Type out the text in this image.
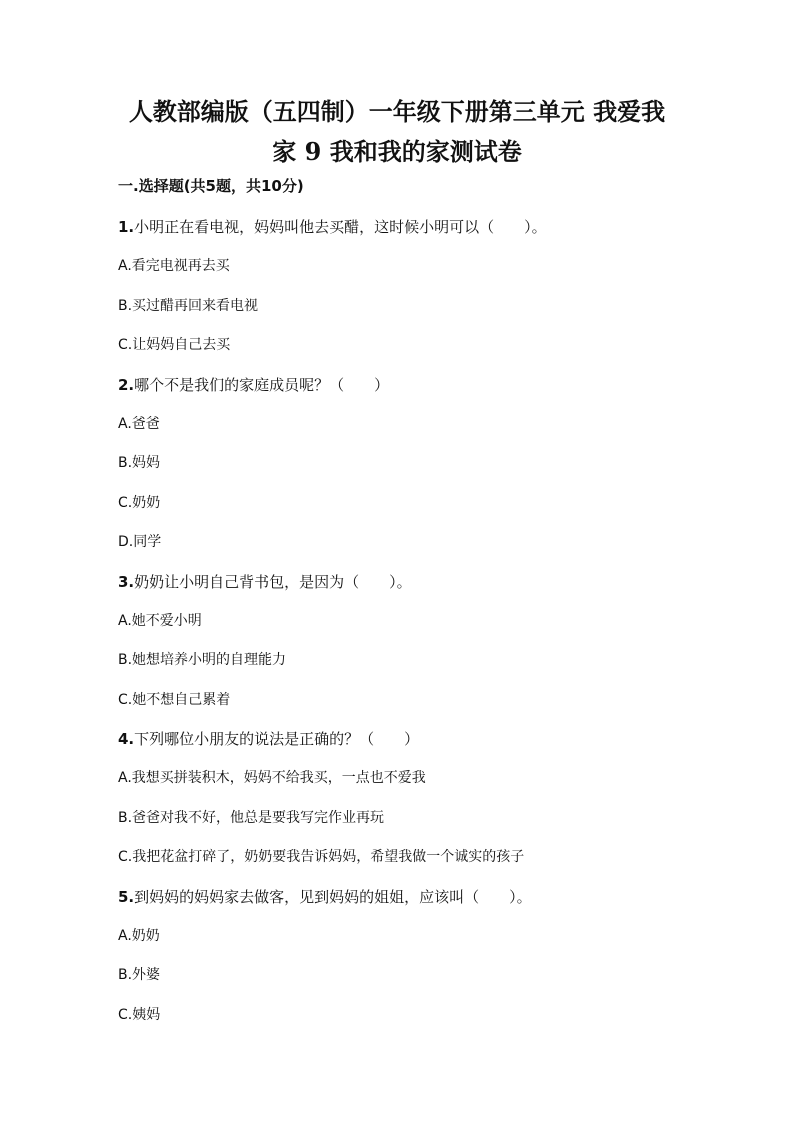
人教部编版（五四制）一年级下册第三单元 我爱我
家 9 我和我的家测试卷
一.选择题(共5题，共10分)
1.小明正在看电视，妈妈叫他去买醋，这时候小明可以（　　）。
A.看完电视再去买
B.买过醋再回来看电视
C.让妈妈自己去买
2.哪个不是我们的家庭成员呢？（　　）
A.爸爸
B.妈妈
C.奶奶
D.同学
3.奶奶让小明自己背书包，是因为（　　）。
A.她不爱小明
B.她想培养小明的自理能力
C.她不想自己累着
4.下列哪位小朋友的说法是正确的？（　　）
A.我想买拼装积木，妈妈不给我买，一点也不爱我
B.爸爸对我不好，他总是要我写完作业再玩
C.我把花盆打碎了，奶奶要我告诉妈妈，希望我做一个诚实的孩子
5.到妈妈的妈妈家去做客，见到妈妈的姐姐，应该叫（　　）。
A.奶奶
B.外婆
C.姨妈
